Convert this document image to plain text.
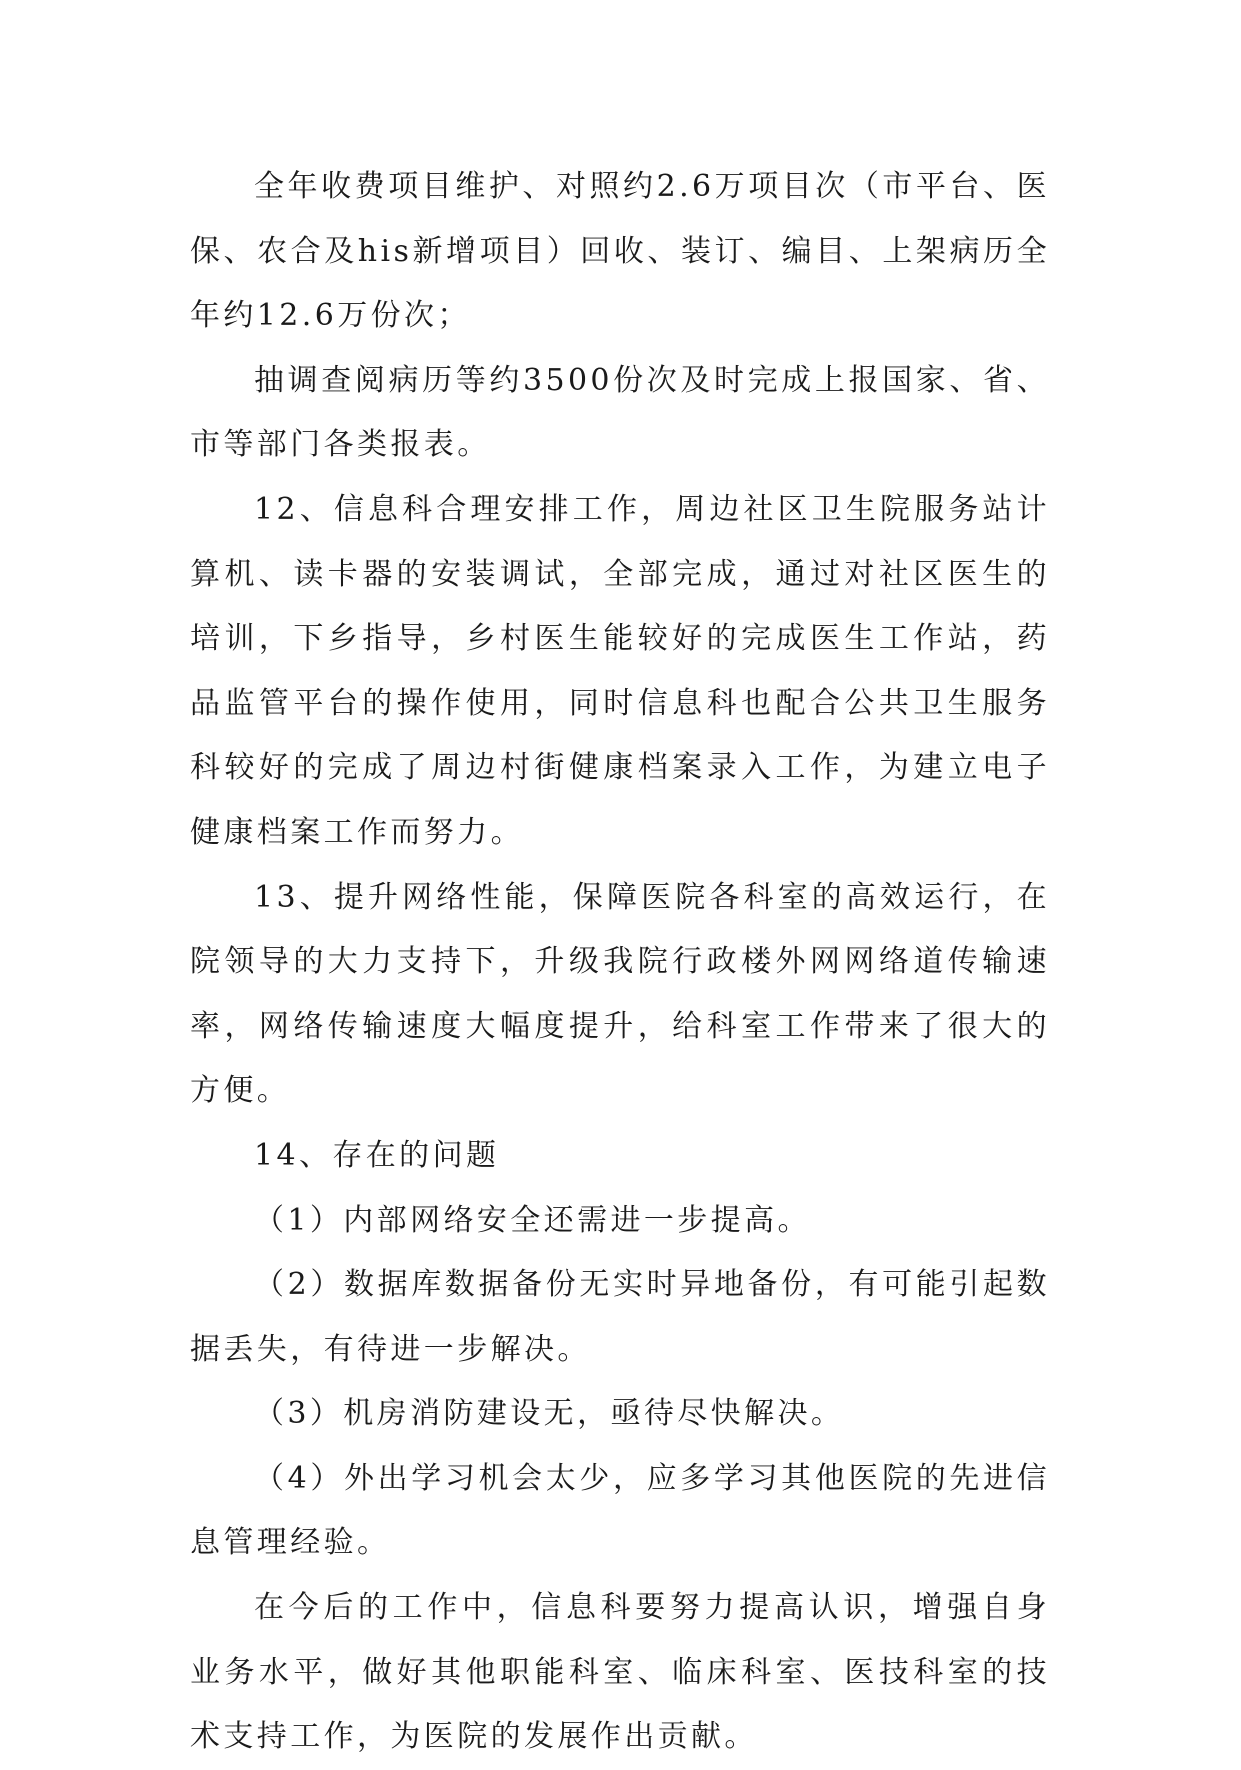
全年收费项目维护、对照约2.6万项目次（市平台、医保、农合及his新增项目）回收、装订、编目、上架病历全年约12.6万份次；

抽调查阅病历等约3500份次及时完成上报国家、省、市等部门各类报表。

12、信息科合理安排工作，周边社区卫生院服务站计算机、读卡器的安装调试，全部完成，通过对社区医生的培训，下乡指导，乡村医生能较好的完成医生工作站，药品监管平台的操作使用，同时信息科也配合公共卫生服务科较好的完成了周边村街健康档案录入工作，为建立电子健康档案工作而努力。

13、提升网络性能，保障医院各科室的高效运行，在院领导的大力支持下，升级我院行政楼外网网络道传输速率，网络传输速度大幅度提升，给科室工作带来了很大的方便。

14、存在的问题

（1）内部网络安全还需进一步提高。

（2）数据库数据备份无实时异地备份，有可能引起数据丢失，有待进一步解决。

（3）机房消防建设无，亟待尽快解决。

（4）外出学习机会太少，应多学习其他医院的先进信息管理经验。

在今后的工作中，信息科要努力提高认识，增强自身业务水平，做好其他职能科室、临床科室、医技科室的技术支持工作，为医院的发展作出贡献。
